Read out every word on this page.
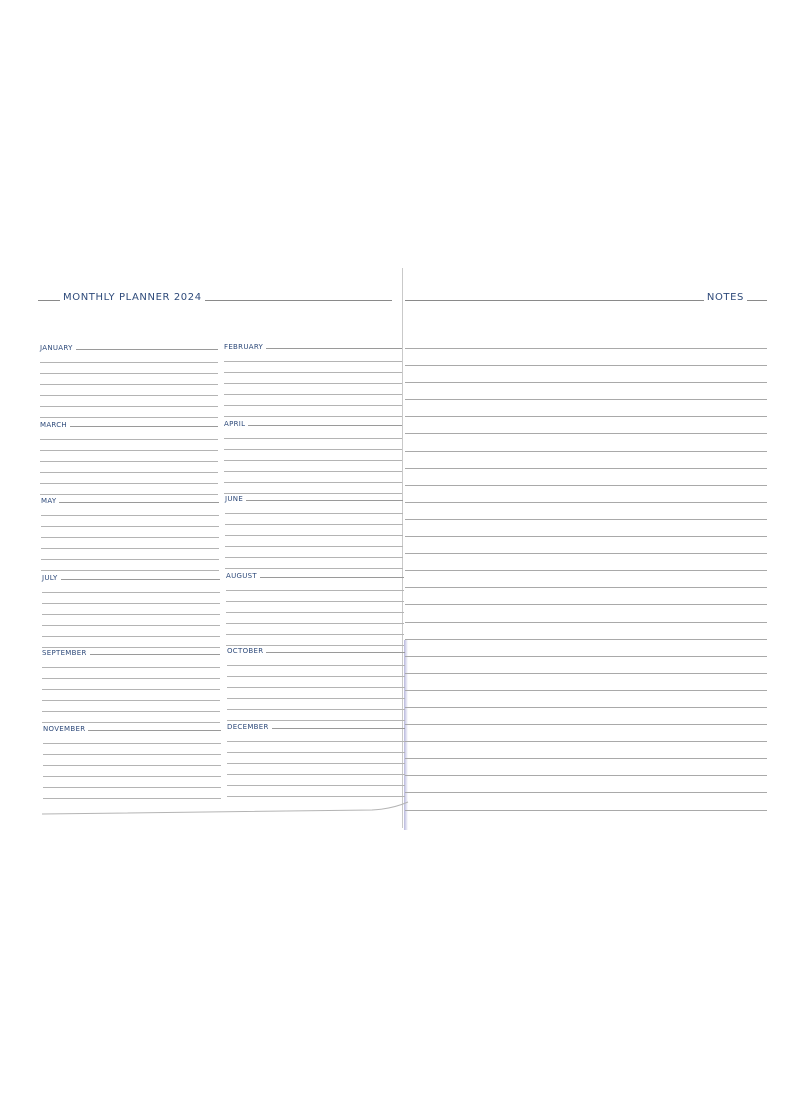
MONTHLY PLANNER 2024	NOTES
JANUARY	FEBRUARY
MARCH	APRIL
MAY	JUNE
JULY	AUGUST
SEPTEMBER	OCTOBER
NOVEMBER	DECEMBER
